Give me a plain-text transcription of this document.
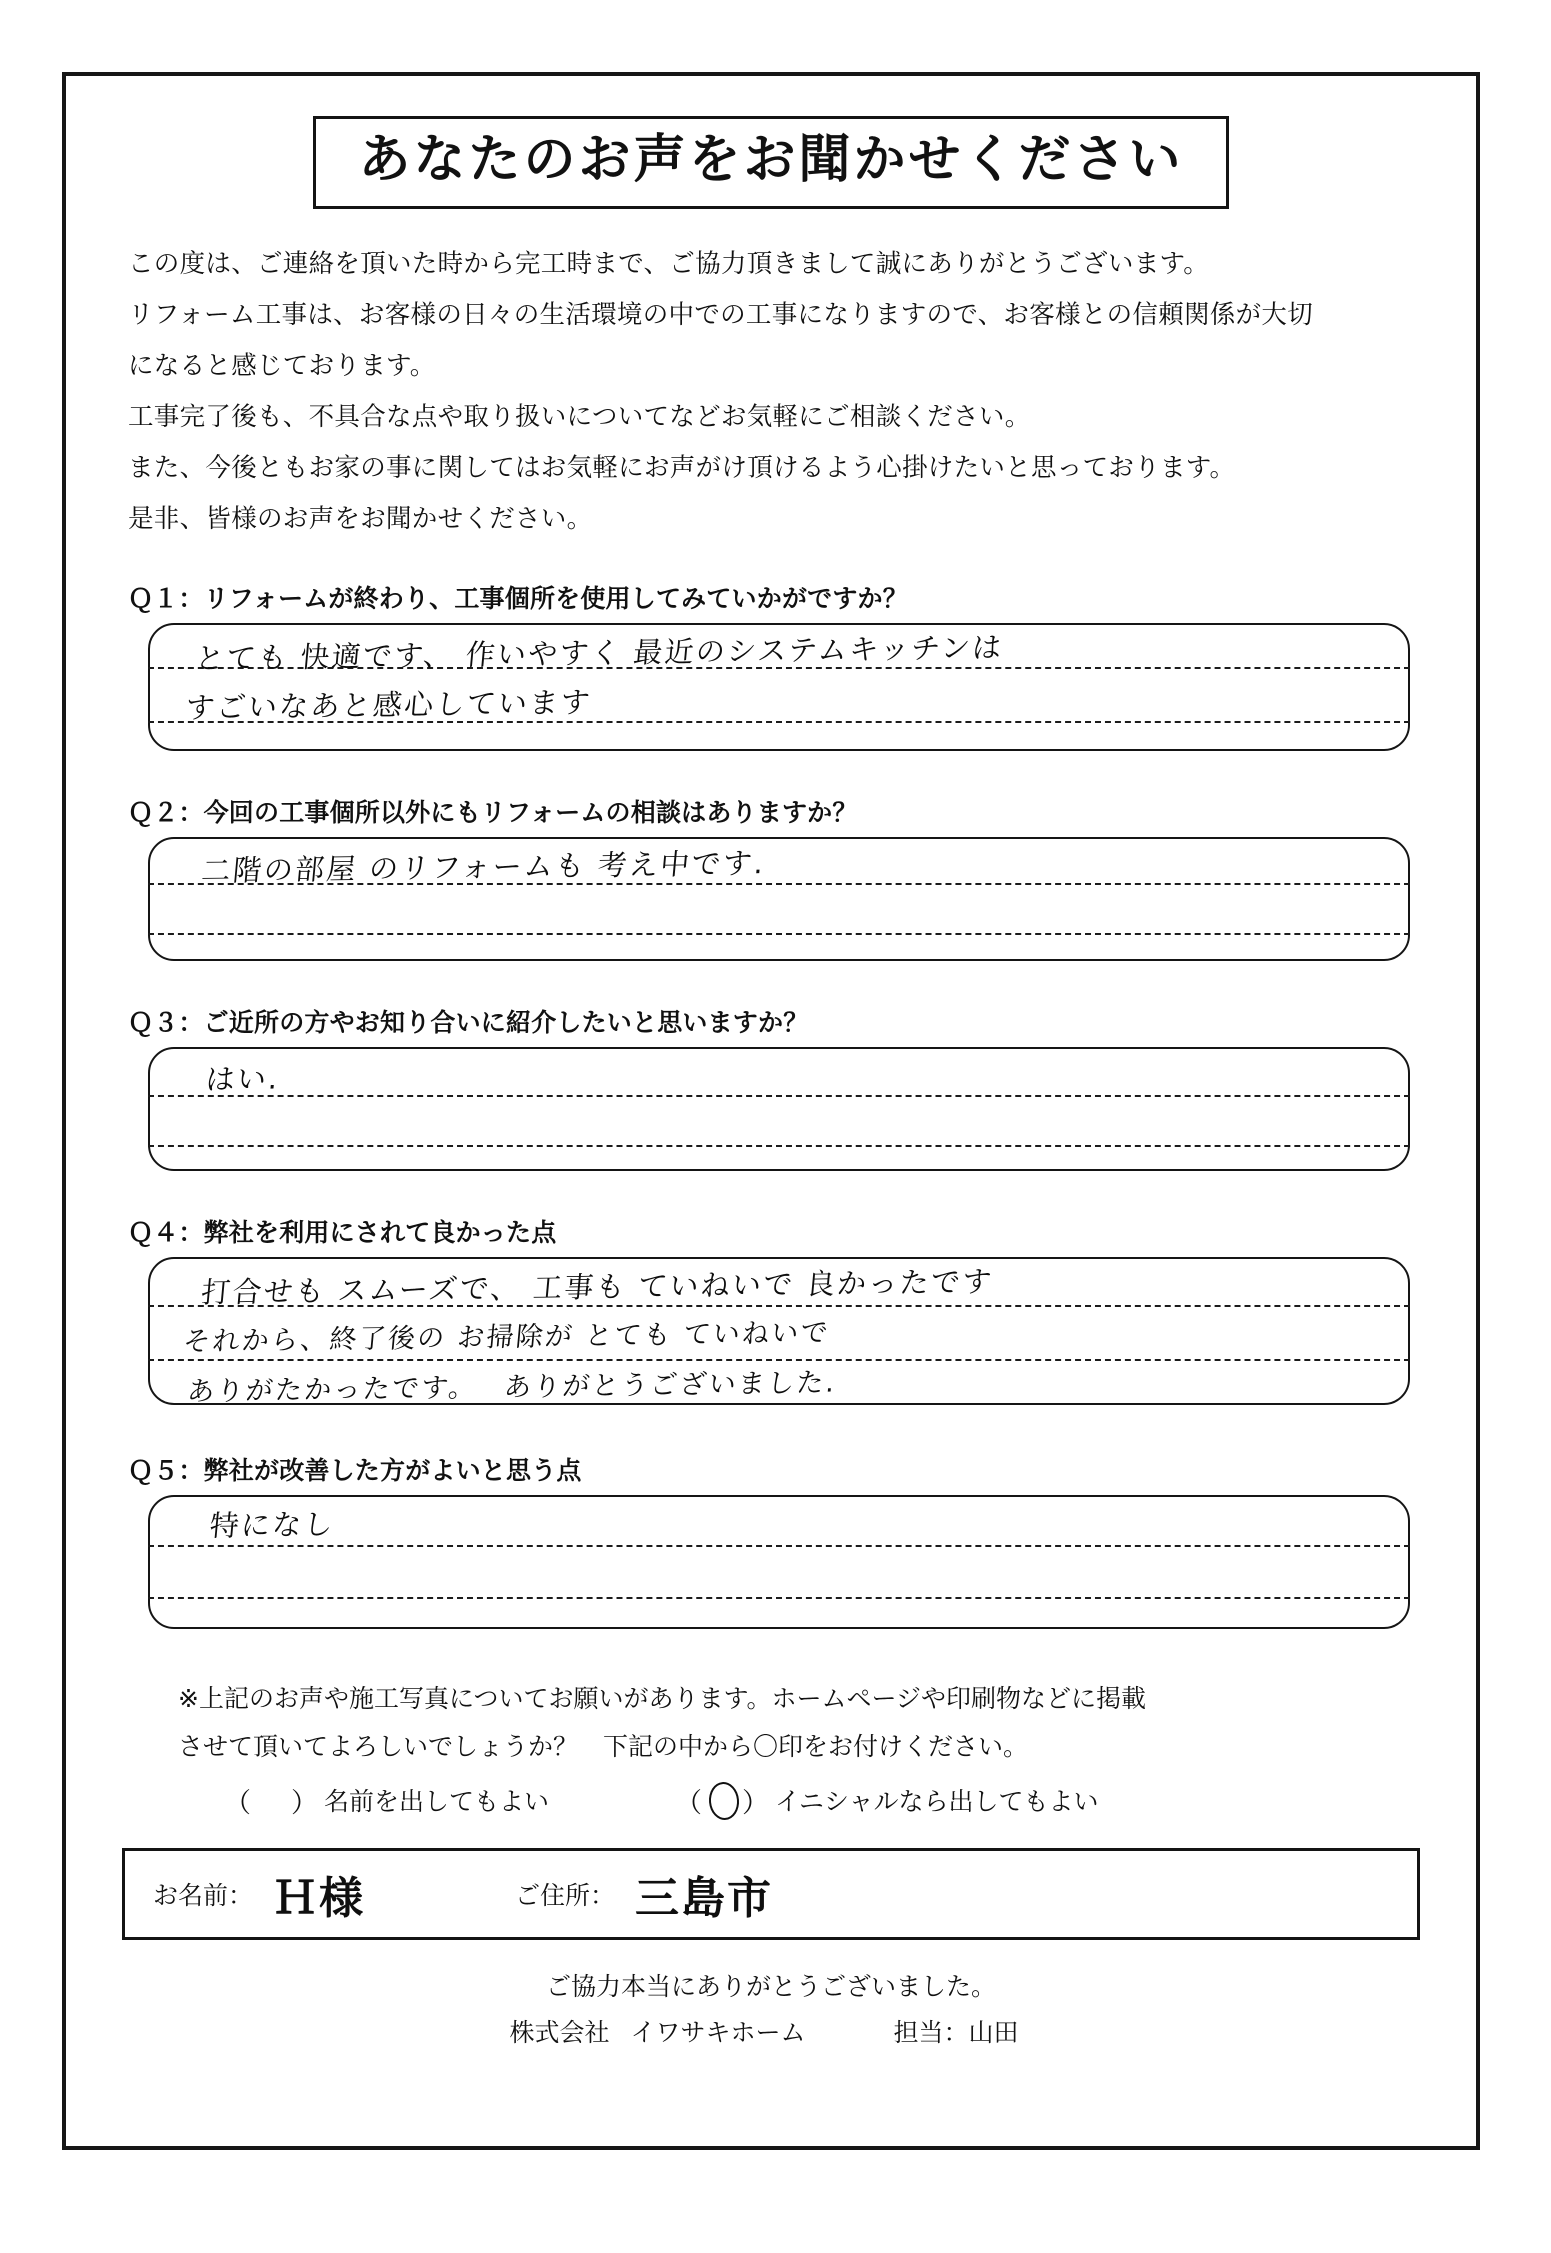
あなたのお声をお聞かせください
この度は、ご連絡を頂いた時から完工時まで、ご協力頂きまして誠にありがとうございます。
リフォーム工事は、お客様の日々の生活環境の中での工事になりますので、お客様との信頼関係が大切
になると感じております。
工事完了後も、不具合な点や取り扱いについてなどお気軽にご相談ください。
また、今後ともお家の事に関してはお気軽にお声がけ頂けるよう心掛けたいと思っております。
是非、皆様のお声をお聞かせください。
Ｑ１：リフォームが終わり、工事個所を使用してみていかがですか？
とても 快適です、 作いやすく 最近のシステムキッチンは
すごいなあと感心しています
Ｑ２：今回の工事個所以外にもリフォームの相談はありますか？
二階の部屋 のリフォームも 考え中です.
Ｑ３：ご近所の方やお知り合いに紹介したいと思いますか？
はい.
Ｑ４：弊社を利用にされて良かった点
打合せも スムーズで、 工事も ていねいで 良かったです
それから、終了後の お掃除が とても ていねいで
ありがたかったです。　 ありがとうございました.
Ｑ５：弊社が改善した方がよいと思う点
特になし
※上記のお声や施工写真についてお願いがあります。ホームページや印刷物などに掲載
させて頂いてよろしいでしょうか？　下記の中から〇印をお付けください。
（ ） 名前を出してもよい	（ ） イニシャルなら出してもよい
お名前： Ｈ様	ご住所： 三島市
ご協力本当にありがとうございました。
株式会社 イワサキホーム	担当：山田
